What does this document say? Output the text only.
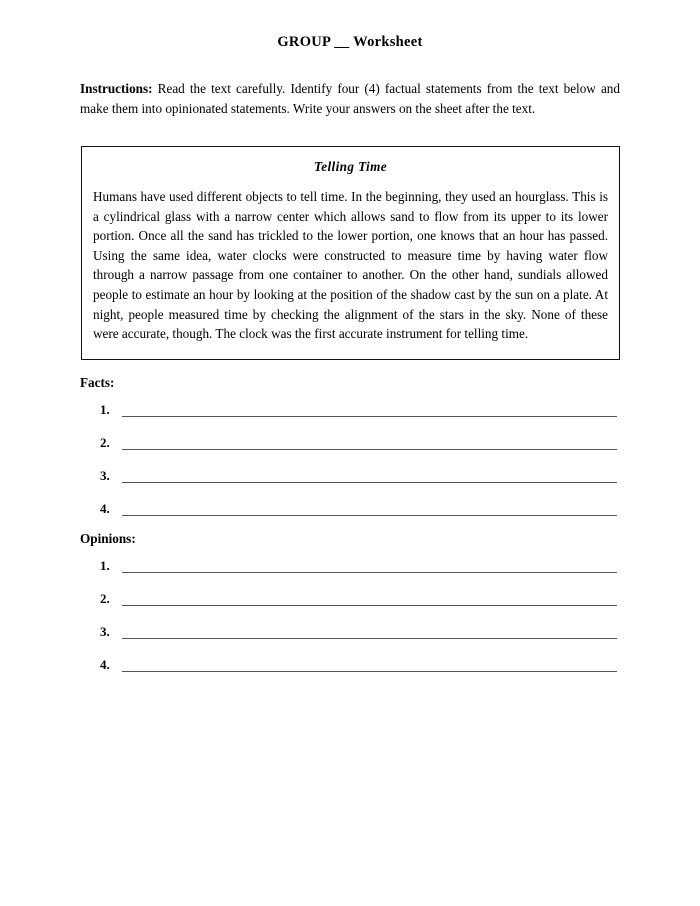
GROUP __ Worksheet
Instructions: Read the text carefully. Identify four (4) factual statements from the text below and make them into opinionated statements. Write your answers on the sheet after the text.
Telling Time

Humans have used different objects to tell time. In the beginning, they used an hourglass. This is a cylindrical glass with a narrow center which allows sand to flow from its upper to its lower portion. Once all the sand has trickled to the lower portion, one knows that an hour has passed. Using the same idea, water clocks were constructed to measure time by having water flow through a narrow passage from one container to another. On the other hand, sundials allowed people to estimate an hour by looking at the position of the shadow cast by the sun on a plate. At night, people measured time by checking the alignment of the stars in the sky. None of these were accurate, though. The clock was the first accurate instrument for telling time.

Facts:
1.
2.
3.
4.
Opinions:
1.
2.
3.
4.
